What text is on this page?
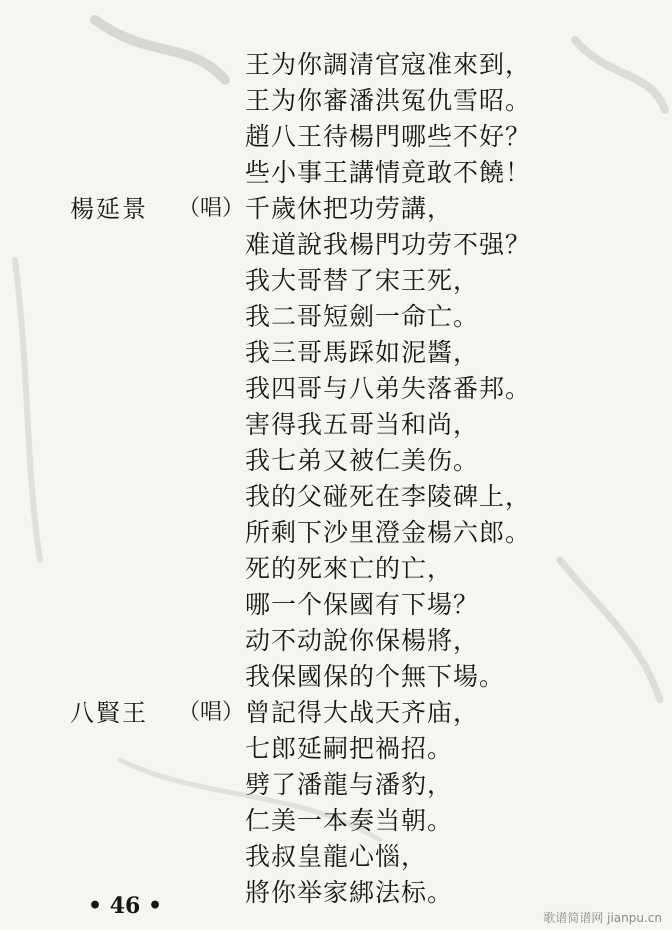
王为你調清官寇准來到，
王为你審潘洪冤仇雪昭。
趙八王待楊門哪些不好？
些小事王講情竟敢不饒！
楊延景 （唱） 千歲休把功劳講，
难道說我楊門功劳不强？
我大哥替了宋王死，
我二哥短劍一命亡。
我三哥馬踩如泥醬，
我四哥与八弟失落番邦。
害得我五哥当和尚，
我七弟又被仁美伤。
我的父碰死在李陵碑上，
所剩下沙里澄金楊六郎。
死的死來亡的亡，
哪一个保國有下場？
动不动說你保楊將，
我保國保的个無下場。
八賢王 （唱） 曾記得大战天齐庙，
七郎延嗣把禍招。
劈了潘龍与潘豹，
仁美一本奏当朝。
我叔皇龍心惱，
將你举家綁法标。
• 46 •	歌谱简谱网 jianpu.cn
